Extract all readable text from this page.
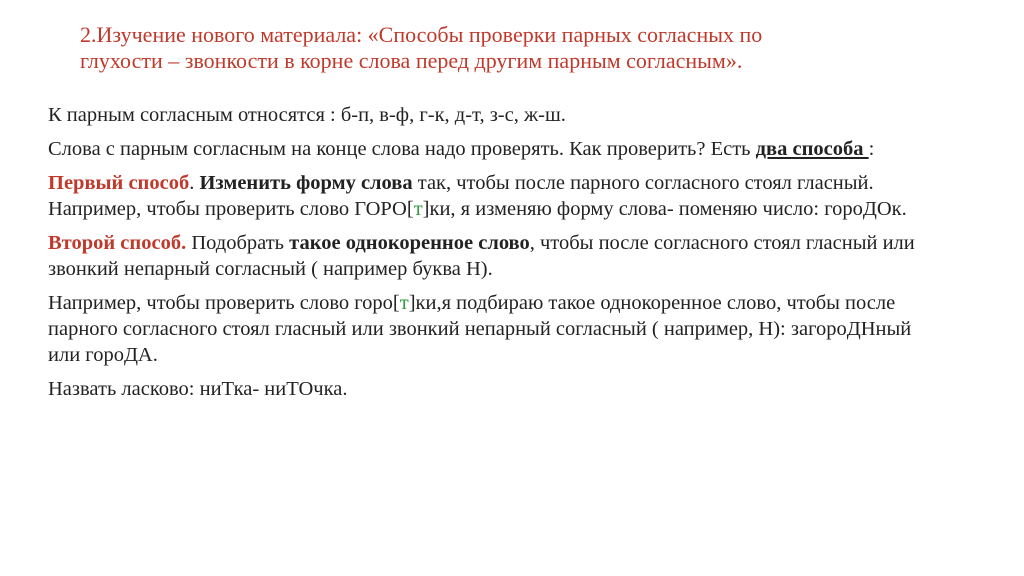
2.Изучение нового материала: «Способы проверки парных согласных по
глухости – звонкости в корне слова перед другим парным согласным».

К парным согласным относятся : б-п, в-ф, г-к, д-т, з-с, ж-ш.

Слова с парным согласным на конце слова надо проверять. Как проверить? Есть два способа :

Первый способ. Изменить форму слова так, чтобы после парного согласного стоял гласный. Например, чтобы проверить слово ГОРО[т]ки, я изменяю форму слова- поменяю число: гороДОк.

Второй способ. Подобрать такое однокоренное слово, чтобы после согласного стоял гласный или звонкий непарный согласный ( например буква Н).

Например, чтобы проверить слово горо[т]ки,я подбираю такое однокоренное слово, чтобы после парного согласного стоял гласный или звонкий непарный согласный ( например, Н): загороДНный или гороДА.

Назвать ласково: ниТка- ниТОчка.
